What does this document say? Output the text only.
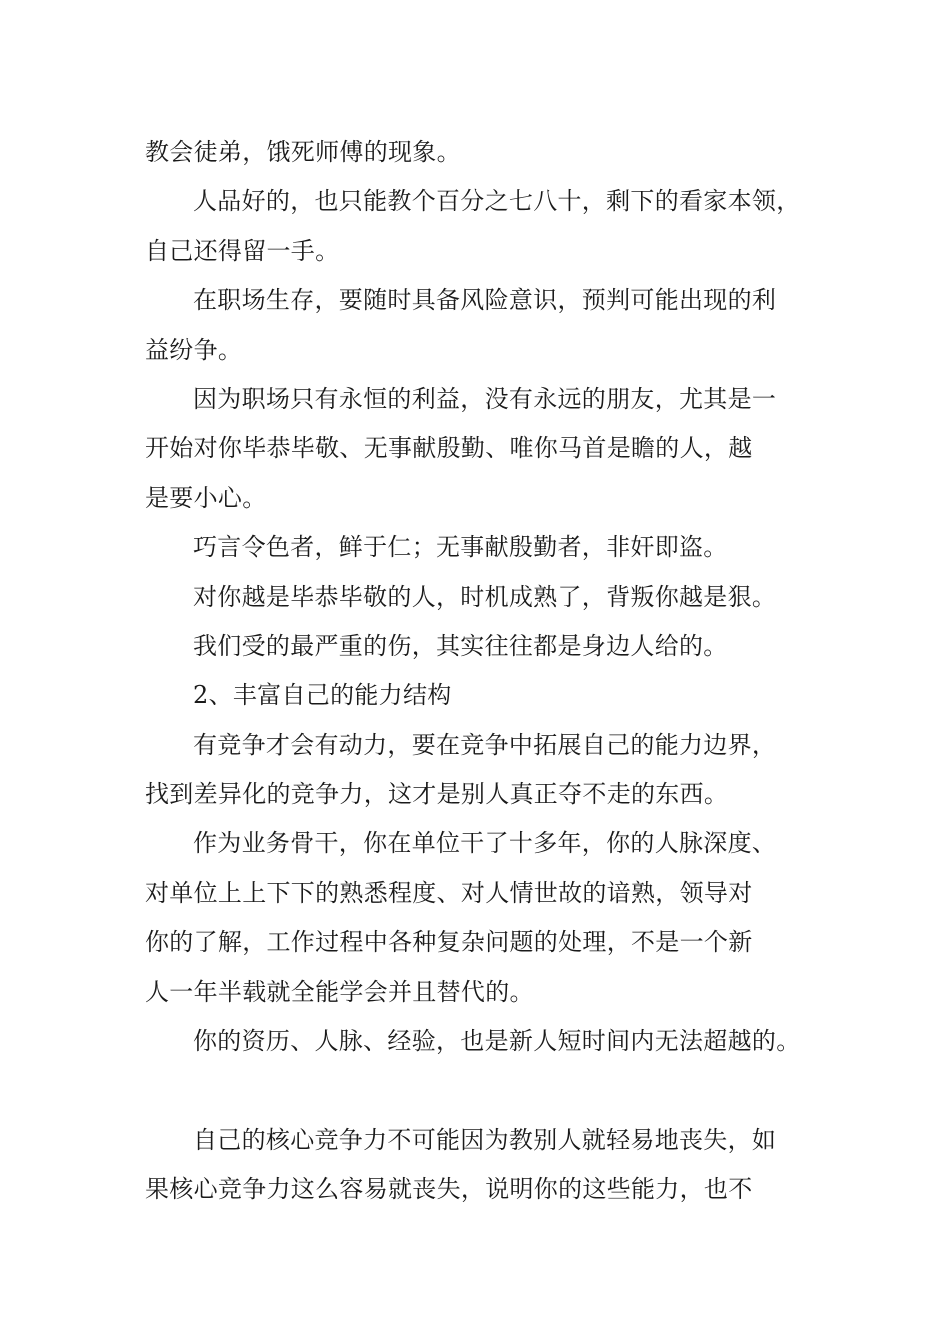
教会徒弟，饿死师傅的现象。
人品好的，也只能教个百分之七八十，剩下的看家本领，
自己还得留一手。
在职场生存，要随时具备风险意识，预判可能出现的利
益纷争。
因为职场只有永恒的利益，没有永远的朋友，尤其是一
开始对你毕恭毕敬、无事献殷勤、唯你马首是瞻的人，越
是要小心。
巧言令色者，鲜于仁；无事献殷勤者，非奸即盗。
对你越是毕恭毕敬的人，时机成熟了，背叛你越是狠。
我们受的最严重的伤，其实往往都是身边人给的。
2、丰富自己的能力结构
有竞争才会有动力，要在竞争中拓展自己的能力边界，
找到差异化的竞争力，这才是别人真正夺不走的东西。
作为业务骨干，你在单位干了十多年，你的人脉深度、
对单位上上下下的熟悉程度、对人情世故的谙熟，领导对
你的了解，工作过程中各种复杂问题的处理，不是一个新
人一年半载就全能学会并且替代的。
你的资历、人脉、经验，也是新人短时间内无法超越的。
自己的核心竞争力不可能因为教别人就轻易地丧失，如
果核心竞争力这么容易就丧失，说明你的这些能力，也不
